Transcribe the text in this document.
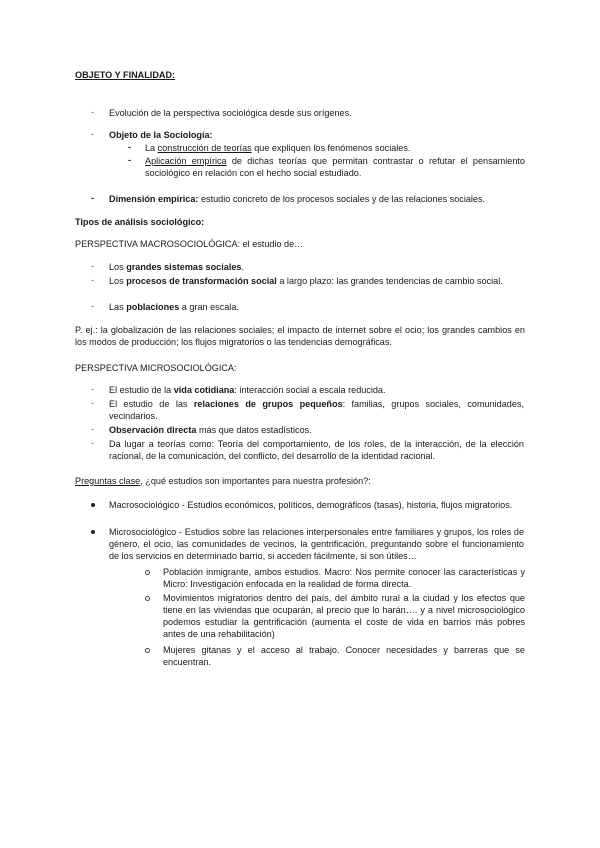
OBJETO Y FINALIDAD:
- Evolución de la perspectiva sociológica desde sus orígenes.
- Objeto de la Sociología:
- La construcción de teorías que expliquen los fenómenos sociales.
- Aplicación empírica de dichas teorías que permitan contrastar o refutar el pensamiento sociológico en relación con el hecho social estudiado.
- Dimensión empírica: estudio concreto de los procesos sociales y de las relaciones sociales.
Tipos de análisis sociológico:
PERSPECTIVA MACROSOCIOLÓGICA: el estudio de…
- Los grandes sistemas sociales.
- Los procesos de transformación social a largo plazo: las grandes tendencias de cambio social.
- Las poblaciones a gran escala.
P. ej.: la globalización de las relaciones sociales; el impacto de internet sobre el ocio; los grandes cambios en los modos de producción; los flujos migratorios o las tendencias demográficas.
PERSPECTIVA MICROSOCIOLÓGICA:
- El estudio de la vida cotidiana: interacción social a escala reducida.
- El estudio de las relaciones de grupos pequeños: familias, grupos sociales, comunidades, vecindarios.
- Observación directa más que datos estadísticos.
- Da lugar a teorías como: Teoría del comportamiento, de los roles, de la interacción, de la elección racional, de la comunicación, del conflicto, del desarrollo de la identidad racional.
Preguntas clase, ¿qué estudios son importantes para nuestra profesión?:
Macrosociológico - Estudios económicos, políticos, demográficos (tasas), historia, flujos migratorios.
Microsociológico - Estudios sobre las relaciones interpersonales entre familiares y grupos, los roles de género, el ocio, las comunidades de vecinos, la gentrificación, preguntando sobre el funcionamiento de los servicios en determinado barrio, si acceden fácilmente, si son útiles…
Población inmigrante, ambos estudios. Macro: Nos permite conocer las características y Micro: Investigación enfocada en la realidad de forma directa.
Movimientos migratorios dentro del país, del ámbito rural a la ciudad y los efectos que tiene en las viviendas que ocuparán, al precio que lo harán…. y a nivel microsociológico podemos estudiar la gentrificación (aumenta el coste de vida en barrios más pobres antes de una rehabilitación)
Mujeres gitanas y el acceso al trabajo. Conocer necesidades y barreras que se encuentran.
